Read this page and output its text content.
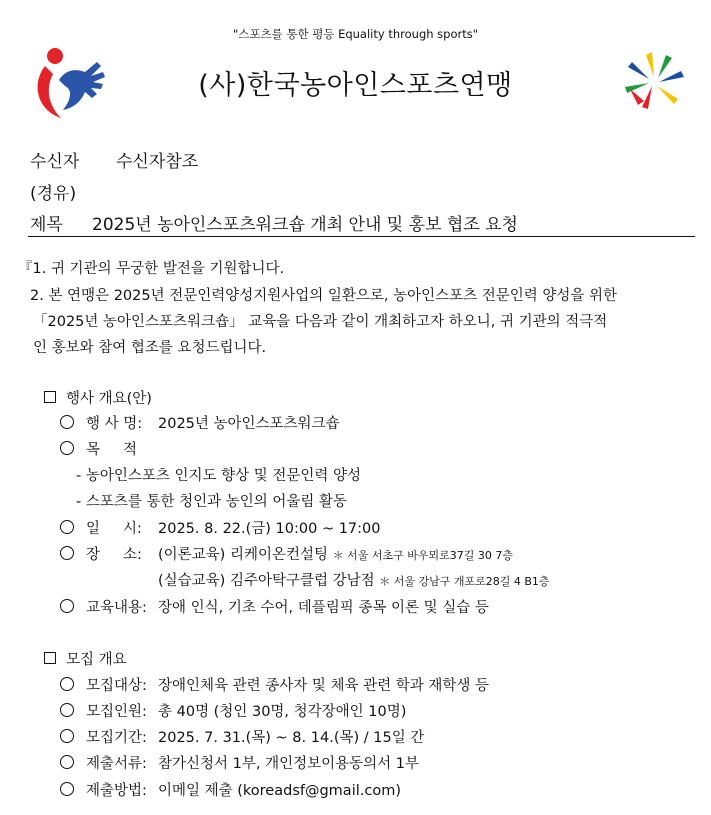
"스포츠를 통한 평등 Equality through sports"
(사)한국농아인스포츠연맹
수신자 수신자참조
(경유)
제목 2025년 농아인스포츠워크숍 개최 안내 및 홍보 협조 요청
『1. 귀 기관의 무궁한 발전을 기원합니다.
2. 본 연맹은 2025년 전문인력양성지원사업의 일환으로, 농아인스포츠 전문인력 양성을 위한
「2025년 농아인스포츠워크숍」 교육을 다음과 같이 개최하고자 하오니, 귀 기관의 적극적
인 홍보와 참여 협조를 요청드립니다.
행사 개요(안)
행 사 명: 2025년 농아인스포츠워크숍
목     적
- 농아인스포츠 인지도 향상 및 전문인력 양성
- 스포츠를 통한 청인과 농인의 어울림 활동
일     시: 2025. 8. 22.(금) 10:00 ~ 17:00
장     소: (이론교육) 리케이온컨설팅 ＊ 서울 서초구 바우뫼로37길 30 7층
(실습교육) 김주아탁구클럽 강남점 ＊ 서울 강남구 개포로28길 4 B1층
교육내용: 장애 인식, 기초 수어, 데플림픽 종목 이론 및 실습 등
모집 개요
모집대상: 장애인체육 관련 종사자 및 체육 관련 학과 재학생 등
모집인원: 총 40명 (청인 30명, 청각장애인 10명)
모집기간: 2025. 7. 31.(목) ~ 8. 14.(목) / 15일 간
제출서류: 참가신청서 1부, 개인정보이용동의서 1부
제출방법: 이메일 제출 (koreadsf@gmail.com)
